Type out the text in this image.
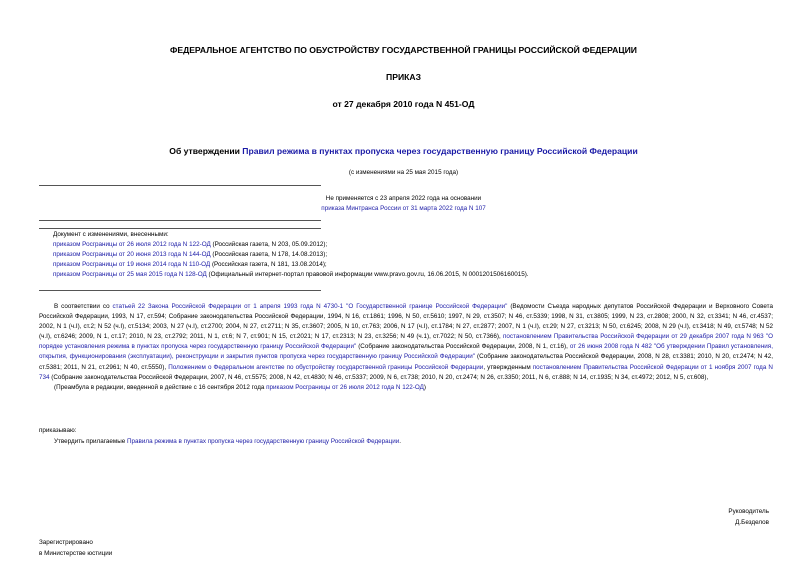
ФЕДЕРАЛЬНОЕ АГЕНТСТВО ПО ОБУСТРОЙСТВУ ГОСУДАРСТВЕННОЙ ГРАНИЦЫ РОССИЙСКОЙ ФЕДЕРАЦИИ
ПРИКАЗ
от 27 декабря 2010 года N 451-ОД
Об утверждении Правил режима в пунктах пропуска через государственную границу Российской Федерации
(с изменениями на 25 мая 2015 года)
Не применяется с 23 апреля 2022 года на основании
приказа Минтранса России от 31 марта 2022 года N 107
Документ с изменениями, внесенными:
приказом Росграницы от 26 июля 2012 года N 122-ОД (Российская газета, N 203, 05.09.2012);
приказом Росграницы от 20 июня 2013 года N 144-ОД (Российская газета, N 178, 14.08.2013);
приказом Росграницы от 19 июня 2014 года N 110-ОД (Российская газета, N 181, 13.08.2014);
приказом Росграницы от 25 мая 2015 года N 128-ОД (Официальный интернет-портал правовой информации www.pravo.gov.ru, 16.06.2015, N 0001201506160015).

В соответствии со статьей 22 Закона Российской Федерации от 1 апреля 1993 года N 4730-1 "О Государственной границе Российской Федерации" (Ведомости Съезда народных депутатов Российской Федерации и Верховного Совета Российской Федерации, 1993, N 17, ст.594; Собрание законодательства Российской Федерации, 1994, N 16, ст.1861; 1996, N 50, ст.5610; 1997, N 29, ст.3507; N 46, ст.5339; 1998, N 31, ст.3805; 1999, N 23, ст.2808; 2000, N 32, ст.3341; N 46, ст.4537; 2002, N 1 (ч.I), ст.2; N 52 (ч.I), ст.5134; 2003, N 27 (ч.I), ст.2700; 2004, N 27, ст.2711; N 35, ст.3607; 2005, N 10, ст.763; 2006, N 17 (ч.I), ст.1784; N 27, ст.2877; 2007, N 1 (ч.I), ст.29; N 27, ст.3213; N 50, ст.6245; 2008, N 29 (ч.I), ст.3418; N 49, ст.5748; N 52 (ч.I), ст.6246; 2009, N 1, ст.17; 2010, N 23, ст.2792; 2011, N 1, ст.6; N 7, ст.901; N 15, ст.2021; N 17, ст.2313; N 23, ст.3256; N 49 (ч.1), ст.7022; N 50, ст.7366), постановлением Правительства Российской Федерации от 29 декабря 2007 года N 963 "О порядке установления режима в пунктах пропуска через государственную границу Российской Федерации" (Собрание законодательства Российской Федерации, 2008, N 1, ст.16), от 26 июня 2008 года N 482 "Об утверждении Правил установления, открытия, функционирования (эксплуатации), реконструкции и закрытия пунктов пропуска через государственную границу Российской Федерации" (Собрание законодательства Российской Федерации, 2008, N 28, ст.3381; 2010, N 20, ст.2474; N 42, ст.5381; 2011, N 21, ст.2961; N 40, ст.5550), Положением о Федеральном агентстве по обустройству государственной границы Российской Федерации, утвержденным постановлением Правительства Российской Федерации от 1 ноября 2007 года N 734 (Собрание законодательства Российской Федерации, 2007, N 46, ст.5575; 2008, N 42, ст.4830; N 46, ст.5337; 2009, N 6, ст.738; 2010, N 20, ст.2474; N 26, ст.3350; 2011, N 6, ст.888; N 14, ст.1935; N 34, ст.4972; 2012, N 5, ст.608),

(Преамбула в редакции, введенной в действие с 16 сентября 2012 года приказом Росграницы от 26 июля 2012 года N 122-ОД)

приказываю:
Утвердить прилагаемые Правила режима в пунктах пропуска через государственную границу Российской Федерации.
Руководитель
Д.Безделов
Зарегистрировано
в Министерстве юстиции
